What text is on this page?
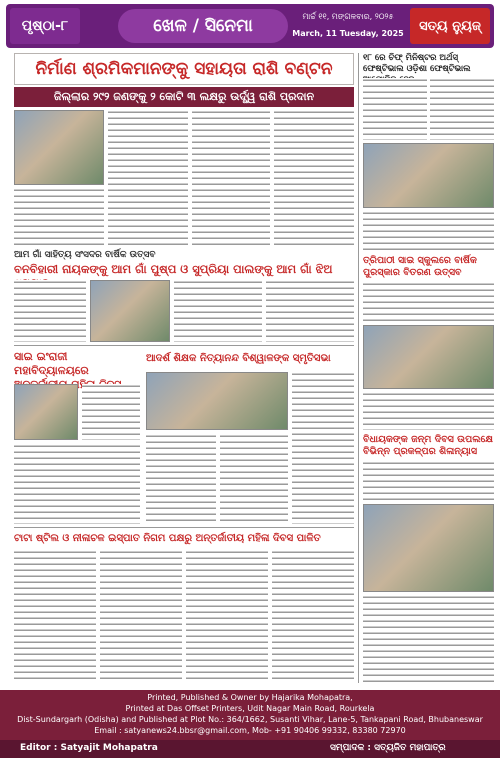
ପୃଷ୍ଠା-୮	ଖେଳ / ସିନେମା	ମାର୍ଚ୍ଚ ୧୧, ମଙ୍ଗଳବାର, ୨୦୨୫
March, 11 Tuesday, 2025	ସତ୍ୟ ନ୍ୟୁଜ୍
ନିର୍ମାଣ ଶ୍ରମିକମାନଙ୍କୁ ସହାୟତା ରାଶି ବଣ୍ଟନ
ଜିଲ୍ଲାର ୨୯୨ ଜଣଙ୍କୁ ୨ କୋଟି ୩ ଲକ୍ଷରୁ ଉର୍ଦ୍ଧ୍ୱ ରାଶି ପ୍ରଦାନ
ଆମ ଗାଁ ସାହିତ୍ୟ ସଂସଦର ବାର୍ଷିକ ଉତ୍ସବ
ବନବିହାରୀ ନାୟକଙ୍କୁ ଆମ ଗାଁ ପୁଷ୍ପ ଓ ସୁପ୍ରିୟା ପାଲଙ୍କୁ ଆମ ଗାଁ ଝିଅ
ସାଇ ଇଂରାଜୀ ମହାବିଦ୍ୟାଳୟରେ
ଆଦର୍ଶ ଶିକ୍ଷକ ନିତ୍ୟାନନ୍ଦ ବିଶ୍ୱାଳଙ୍କ ସ୍ମୃତିସଭା
ଟାଟା ଷ୍ଟିଲ ଓ ନୀଳାଚଳ ଇସ୍ପାତ ନିଗମ ପକ୍ଷରୁ ଅନ୍ତର୍ଜାତୀୟ ମହିଳା ଦିବସ ପାଳିତ
୧୮ ରେ ଚିଫ୍ ମିନିଷ୍ଟର ଅର୍ଥସ୍ ଫେଷ୍ଟିଭାଲ ଓଡ଼ିଶା ଫେଷ୍ଟିଭାଲ
ତ୍ରିପାଠୀ ସାଇ ସ୍କୁଲରେ ବାର୍ଷିକ ପୁରସ୍କାର ବିତରଣ ଉତ୍ସବ
ବିଧାୟକଙ୍କ ଜନ୍ମ ଦିବସ ଉପଲକ୍ଷେ ବିଭିନ୍ନ ପ୍ରକଳ୍ପର ଶିଳାନ୍ୟାସ
Printed, Published & Owner by Hajarika Mohapatra,
Printed at Das Offset Printers, Udit Nagar Main Road, Rourkela
Dist-Sundargarh (Odisha) and Published at Plot No.: 364/1662, Susanti Vihar, Lane-5, Tankapani Road, Bhubaneswar
Email : satyanews24.bbsr@gmail.com, Mob- +91 90406 99332, 83380 72970
Editor : Satyajit Mohapatra	ସମ୍ପାଦକ : ସତ୍ୟଜିତ ମହାପାତ୍ର
